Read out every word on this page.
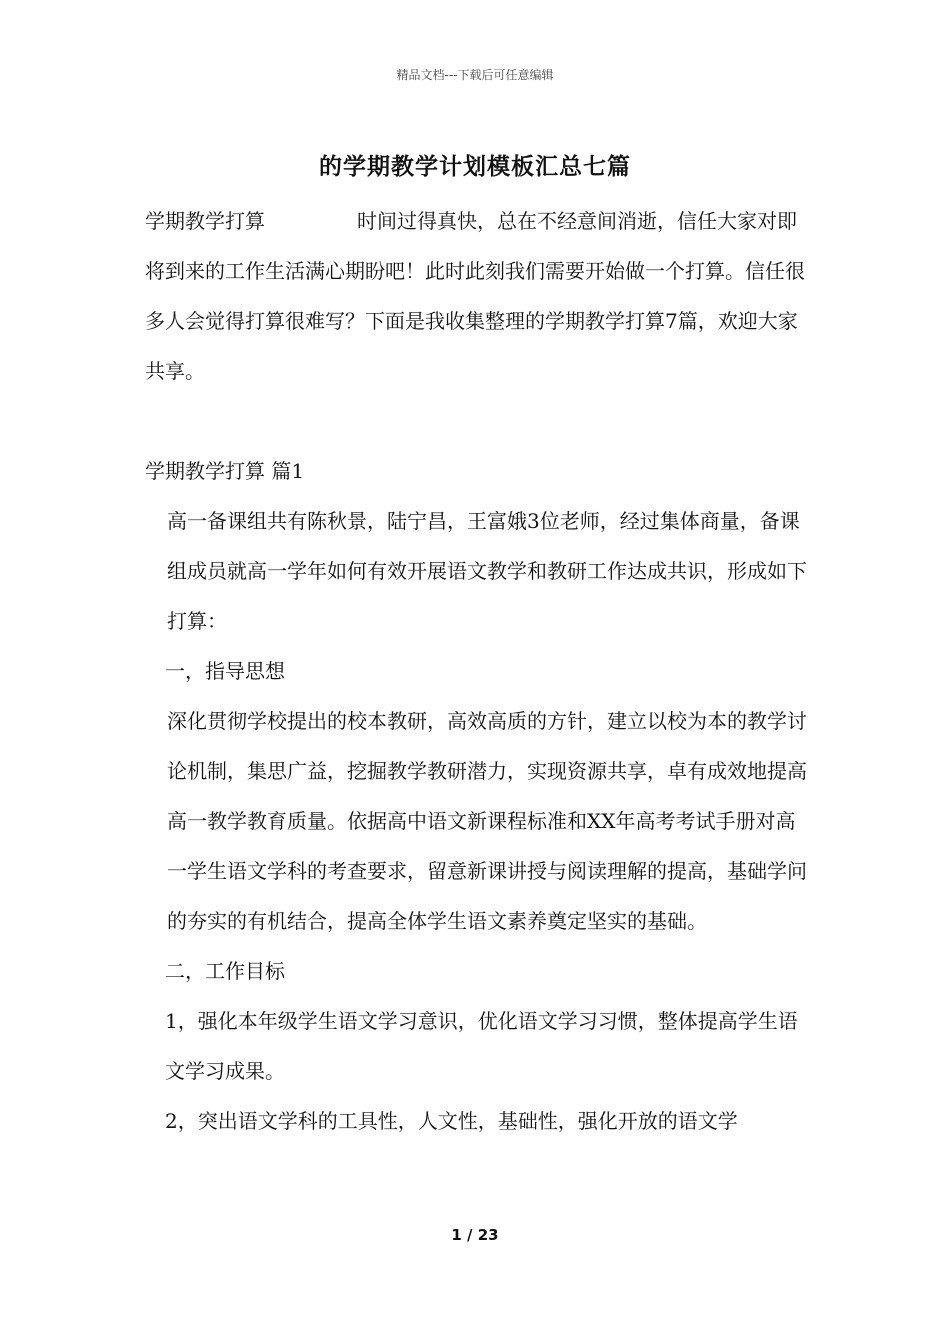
精品文档---下载后可任意编辑
的学期教学计划模板汇总七篇

学期教学打算	时间过得真快，总在不经意间消逝，信任大家对即将到来的工作生活满心期盼吧！此时此刻我们需要开始做一个打算。信任很多人会觉得打算很难写？下面是我收集整理的学期教学打算7篇，欢迎大家共享。

学期教学打算 篇1

高一备课组共有陈秋景，陆宁昌，王富娥3位老师，经过集体商量，备课组成员就高一学年如何有效开展语文教学和教研工作达成共识，形成如下打算：

一，指导思想

深化贯彻学校提出的校本教研，高效高质的方针，建立以校为本的教学讨论机制，集思广益，挖掘教学教研潜力，实现资源共享，卓有成效地提高高一教学教育质量。依据高中语文新课程标准和XX年高考考试手册对高一学生语文学科的考查要求，留意新课讲授与阅读理解的提高，基础学问的夯实的有机结合，提高全体学生语文素养奠定坚实的基础。

二，工作目标

1，强化本年级学生语文学习意识，优化语文学习习惯，整体提高学生语文学习成果。

2，突出语文学科的工具性，人文性，基础性，强化开放的语文学

1 / 23
